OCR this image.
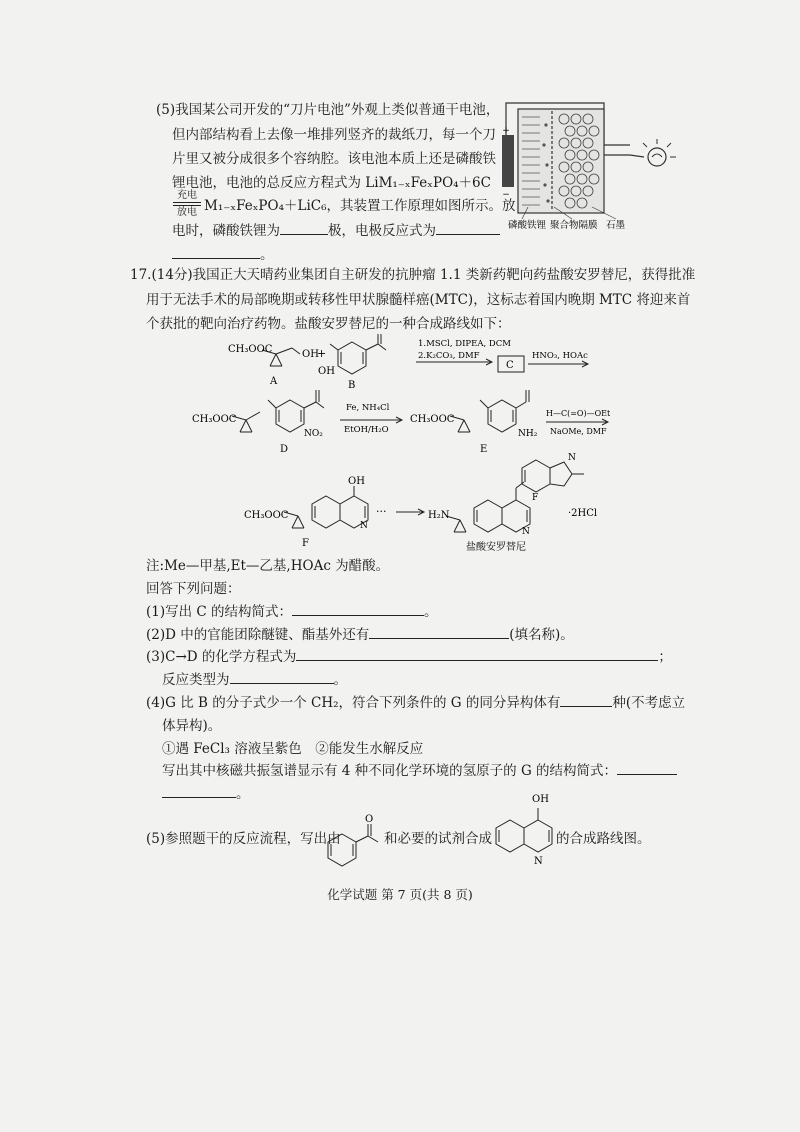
(5)我国某公司开发的“刀片电池”外观上类似普通干电池，
但内部结构看上去像一堆排列竖齐的裁纸刀，每一个刀
片里又被分成很多个容纳腔。该电池本质上还是磷酸铁
锂电池，电池的总反应方程式为 LiM₁₋ₓFeₓPO₄＋6C
充电
放电 M₁₋ₓFeₓPO₄＋LiC₆，其装置工作原理如图所示。放
电时，磷酸铁锂为	极，电极反应式为
。
+
−
磷酸铁锂 聚合物隔膜 石墨
17.(14分)我国正大天晴药业集团自主研发的抗肿瘤 1.1 类新药靶向药盐酸安罗替尼，获得批准
用于无法手术的局部晚期或转移性甲状腺髓样癌(MTC)，这标志着国内晚期 MTC 将迎来首
个获批的靶向治疗药物。盐酸安罗替尼的一种合成路线如下：
CH₃OOC	OH
A
+
OH
B
1.MSCl, DIPEA, DCM
2.K₂CO₃, DMF
C
HNO₃, HOAc
CH₃OOC
NO₂
D
Fe, NH₄Cl
EtOH/H₂O
CH₃OOC
NH₂
E
H—C(=O)—OEt
NaOMe, DMF
CH₃OOC
OH
N
F
···	H₂N
N
F
N
·2HCl
盐酸安罗替尼
注:Me—甲基,Et—乙基,HOAc 为醋酸。
回答下列问题：
(1)写出 C 的结构简式：	。
(2)D 中的官能团除醚键、酯基外还有	(填名称)。
(3)C→D 的化学方程式为	；
反应类型为	。
(4)G 比 B 的分子式少一个 CH₂，符合下列条件的 G 的同分异构体有	种(不考虑立
体异构)。
①遇 FeCl₃ 溶液呈紫色　②能发生水解反应
写出其中核磁共振氢谱显示有 4 种不同化学环境的氢原子的 G 的结构简式：
。
(5)参照题干的反应流程，写出由
O
和必要的试剂合成
OH
N
的合成路线图。
化学试题 第 7 页(共 8 页)
